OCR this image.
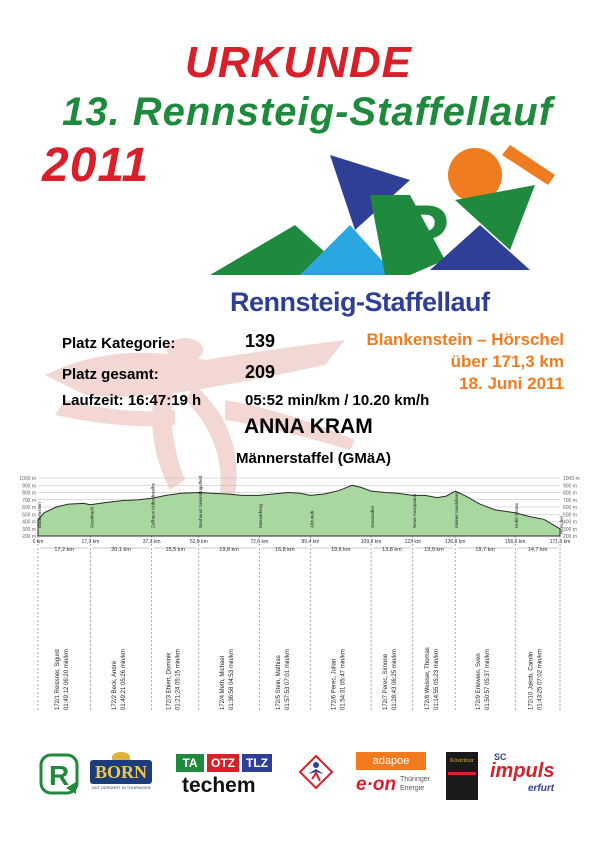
URKUNDE
13. Rennsteig-Staffellauf
2011
R
Rennsteig-Staffellauf
Platz Kategorie:	139
Platz gesamt:	209
Laufzeit: 16:47:19 h	05:52 min/km / 10.20 km/h
Blankenstein – Hörschel
über 171,3 km
18. Juni 2011
ANNA KRAM
Männerstaffel (GMäA)
1000 m	1000 m
900 m	900 m
800 m	800 m
700 m	700 m
600 m	600 m
500 m	500 m
400 m	400 m
300 m	300 m
200 m	200 m
0 km	17,2 km	37,3 km	52,8 km	72,6 km	89,4 km	109,3 km	123 km	136,9 km	156,6 km	171,3 km
Blankenstein	Grumbach	Zollhaus Kühschwalbe	Neuhaus/ Geiershügelfeld	Masserberg	Allzunah	Grenzadler	Neue Ausspanne	Kleiner Inselsberg	Hohe Sonne	Hörschel
17,2 km	20,1 km	15,5 km	19,8 km	16,8 km	19,6 km	13,8 km	13,9 km	19,7 km	14,7 km
172/1 Reissner, Sigurd 01:49:12 06:20 min/km	172/2 Beck, André 01:49:21 05:26 min/km	172/3 Ehlert, Dominik 01:21:24 05:15 min/km	172/4 Meth, Michael 01:36:58 04:53 min/km	172/5 Stein, Mathias 01:57:53 07:01 min/km	172/6 Perec, Julian 01:54:31 05:47 min/km	172/7 Perec, Simone 01:28:43 06:25 min/km	172/8 Weisser, Thomas 01:14:55 05:23 min/km	172/9 Erlewein, Sven 01:50:57 05:37 min/km	172/10 Jakob, Carolin 01:43:25 07:02 min/km
R BORN
GUT GERÜHRT IN THÜRINGEN
TA	OTZ TLZ
techem
adapoe
e·on Thüringer
Energie
Köstritzer	SC
impuls
erfurt
